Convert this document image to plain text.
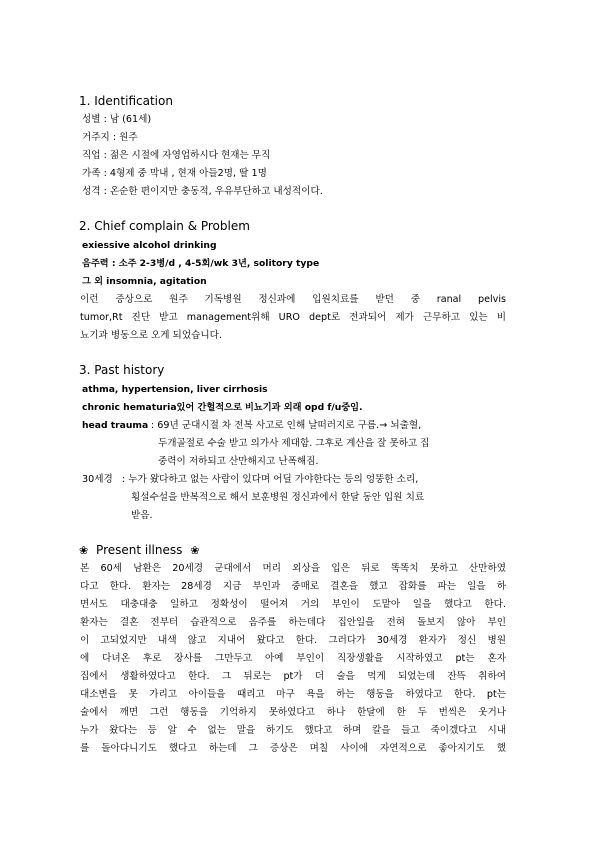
1. Identification

성별 : 남 (61세)

거주지 : 원주

직업 : 젊은 시절에 자영업하시다 현재는 무직

가족 : 4형제 중 막내 , 현재 아들2명, 딸 1명

성격 : 온순한 편이지만 충동적, 우유부단하고 내성적이다.

2. Chief complain & Problem

exiessive alcohol drinking

음주력 : 소주 2-3병/d , 4-5회/wk 3년, solitory type

그 외 insomnia, agitation

이런 증상으로 원주 기독병원 정신과에 입원치료를 받던 중 ranal pelvis

tumor,Rt 진단 받고 management위해 URO dept로 전과되어 제가 근무하고 있는 비

뇨기과 병동으로 오게 되었습니다.

3. Past history

athma, hypertension, liver cirrhosis

chronic hematuria있어 간헐적으로 비뇨기과 외래 opd f/u중임.

head trauma : 69년 군대시절 차 전복 사고로 인해 날떠러지로 구름.→ 뇌출혈,

두개골절로 수술 받고 의가사 제대함. 그후로 계산을 잘 못하고 집

중력이 저하되고 산만해지고 난폭해짐.

30세경 : 누가 왔다하고 없는 사람이 있다며 어딜 가야한다는 등의 엉뚱한 소리,

횡설수설을 반복적으로 해서 보훈병원 정신과에서 한달 동안 입원 치료

받음.

❀ Present illness ❀

본 60세 남환은 20세경 군대에서 머리 외상을 입은 뒤로 똑똑치 못하고 산만하였

다고 한다. 환자는 28세경 지금 부인과 중매로 결혼을 했고 잡화를 파는 일을 하

면서도 대충대충 일하고 정확성이 떨어져 거의 부인이 도맡아 일을 했다고 한다.

환자는 결혼 전부터 습관적으로 음주를 하는데다 집안일을 전혀 돌보지 않아 부인

이 고되었지만 내색 않고 지내어 왔다고 한다. 그러다가 30세경 환자가 정신 병원

에 다녀온 후로 장사를 그만두고 아예 부인이 직장생활을 시작하였고 pt는 혼자

집에서 생활하였다고 한다. 그 뒤로는 pt가 더 술을 먹게 되었는데 잔뜩 취하여

대소변을 못 가리고 아이들을 때리고 마구 욕을 하는 행동을 하였다고 한다. pt는

술에서 깨면 그런 행동을 기억하지 못하였다고 하나 한달에 한 두 번씩은 웃거나

누가 왔다는 등 알 수 없는 말을 하기도 했다고 하며 칼을 들고 죽이겠다고 시내

를 돌아다니기도 했다고 하는데 그 증상은 며칠 사이에 자연적으로 좋아지기도 했
